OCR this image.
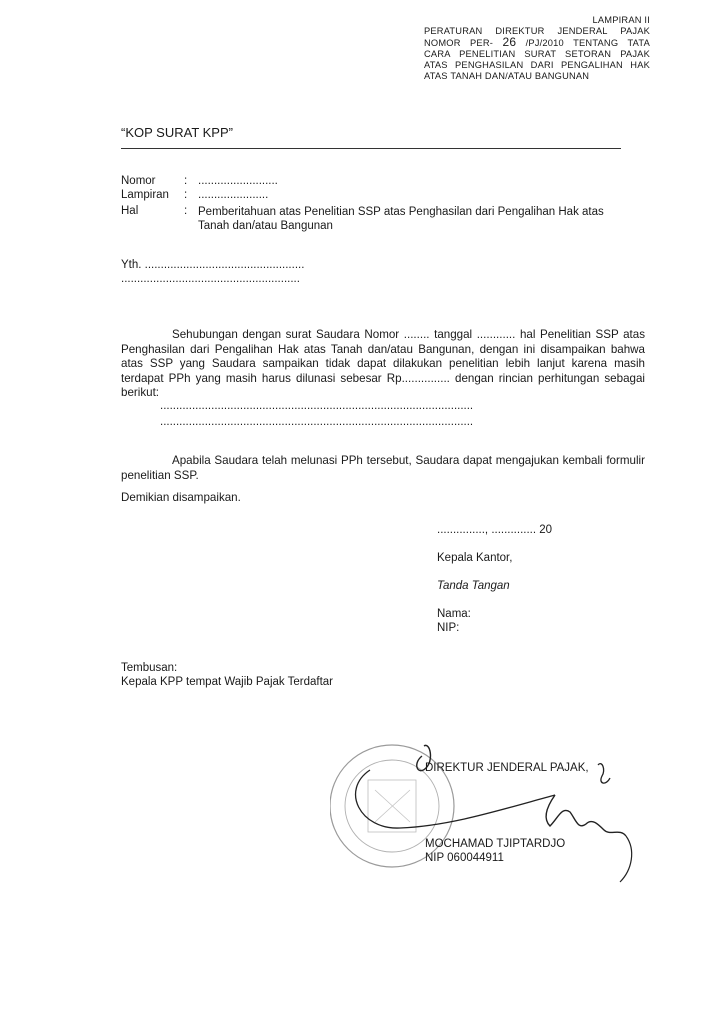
LAMPIRAN II
PERATURAN DIREKTUR JENDERAL PAJAK
NOMOR PER- 26 /PJ/2010 TENTANG TATA
CARA PENELITIAN SURAT SETORAN PAJAK
ATAS PENGHASILAN DARI PENGALIHAN HAK
ATAS TANAH DAN/ATAU BANGUNAN
“KOP SURAT KPP”
Nomor : .........................
Lampiran : ......................
Hal	: Pemberitahuan atas Penelitian SSP atas Penghasilan dari Pengalihan Hak atas Tanah dan/atau Bangunan
Yth. ..................................................
........................................................
Sehubungan dengan surat Saudara Nomor ........ tanggal ............ hal Penelitian SSP atas Penghasilan dari Pengalihan Hak atas Tanah dan/atau Bangunan, dengan ini disampaikan bahwa atas SSP yang Saudara sampaikan tidak dapat dilakukan penelitian lebih lanjut karena masih terdapat PPh yang masih harus dilunasi sebesar Rp............... dengan rincian perhitungan sebagai berikut:
..................................................................................................
..................................................................................................
Apabila Saudara telah melunasi PPh tersebut, Saudara dapat mengajukan kembali formulir penelitian SSP.
Demikian disampaikan.
..............., .............. 20
Kepala Kantor,
Tanda Tangan
Nama:
NIP:
Tembusan:
Kepala KPP tempat Wajib Pajak Terdaftar
DIREKTUR JENDERAL PAJAK,
MOCHAMAD TJIPTARDJO
NIP 060044911
